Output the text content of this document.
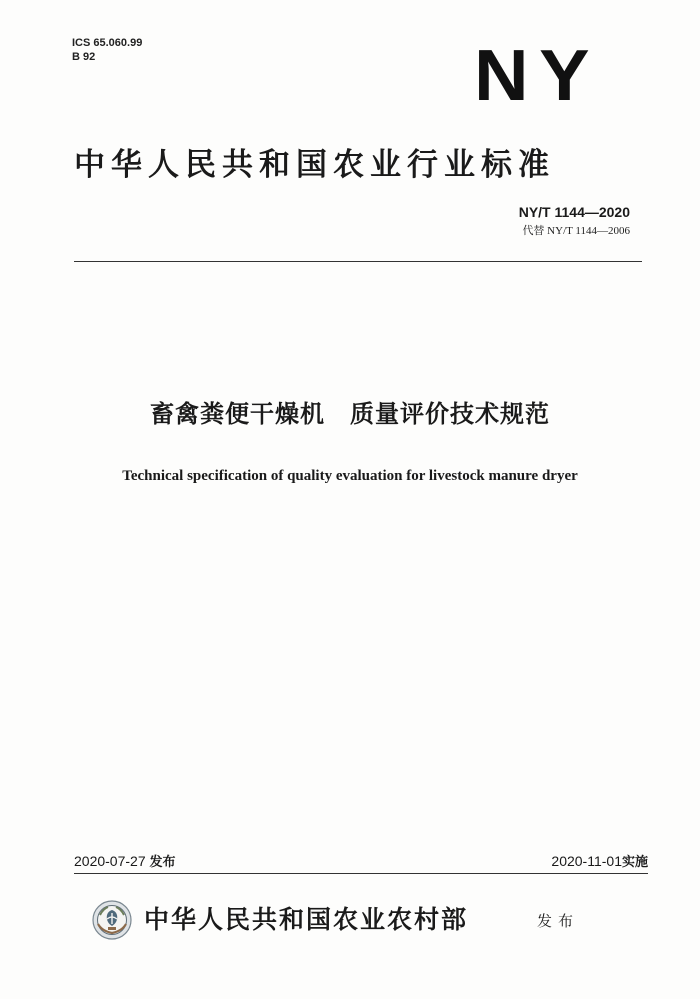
ICS 65.060.99
B 92	NY
中华人民共和国农业行业标准
NY/T 1144—2020
代替 NY/T 1144—2006
畜禽粪便干燥机　质量评价技术规范
Technical specification of quality evaluation for livestock manure dryer
2020-07-27 发布	2020-11-01实施
中华人民共和国农业农村部	发布
